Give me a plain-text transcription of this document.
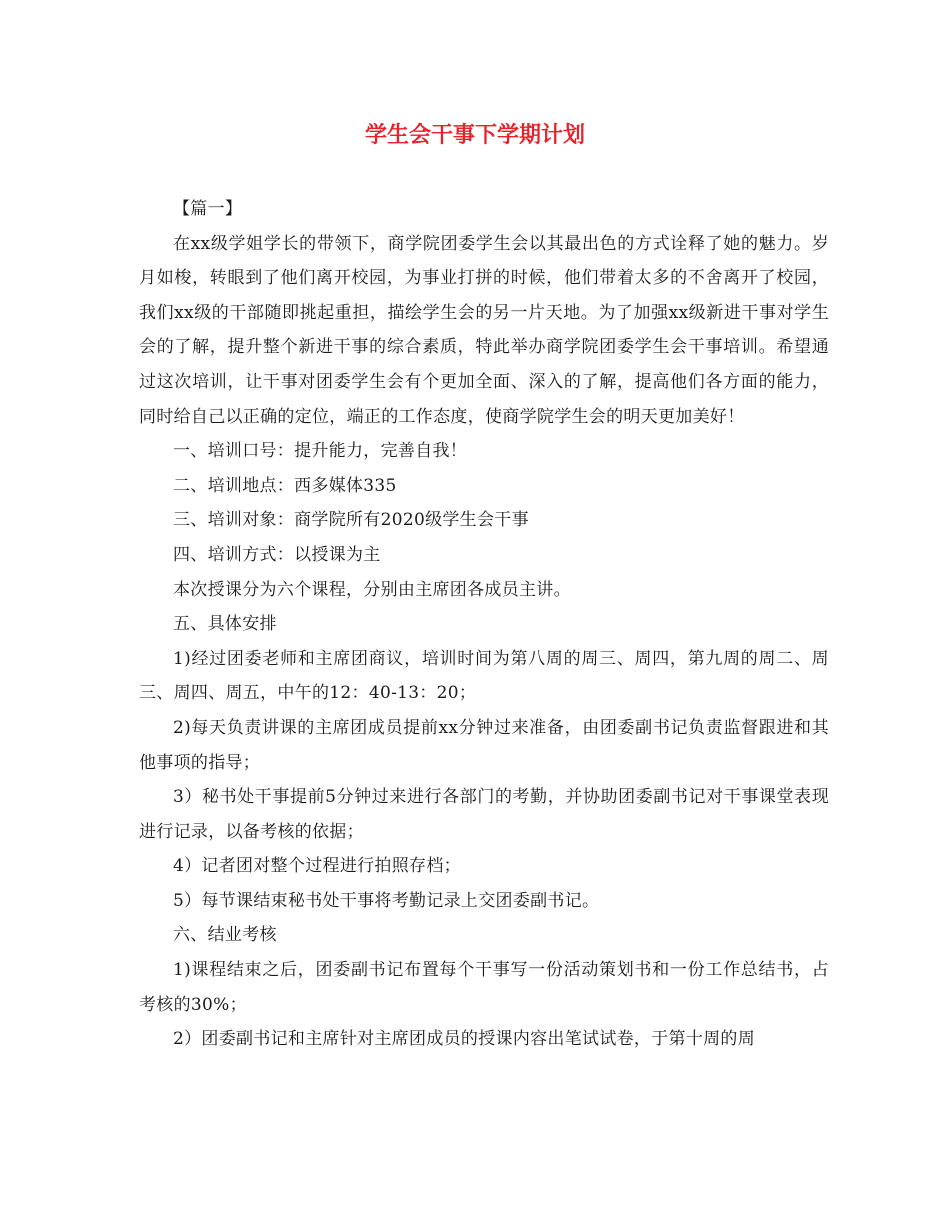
学生会干事下学期计划

【篇一】

在xx级学姐学长的带领下，商学院团委学生会以其最出色的方式诠释了她的魅力。岁月如梭，转眼到了他们离开校园，为事业打拼的时候，他们带着太多的不舍离开了校园，我们xx级的干部随即挑起重担，描绘学生会的另一片天地。为了加强xx级新进干事对学生会的了解，提升整个新进干事的综合素质，特此举办商学院团委学生会干事培训。希望通过这次培训，让干事对团委学生会有个更加全面、深入的了解，提高他们各方面的能力，同时给自己以正确的定位，端正的工作态度，使商学院学生会的明天更加美好！

一、培训口号：提升能力，完善自我！

二、培训地点：西多媒体335

三、培训对象：商学院所有2020级学生会干事

四、培训方式：以授课为主

本次授课分为六个课程，分别由主席团各成员主讲。

五、具体安排

1)经过团委老师和主席团商议，培训时间为第八周的周三、周四，第九周的周二、周三、周四、周五，中午的12：40-13：20；

2)每天负责讲课的主席团成员提前xx分钟过来准备，由团委副书记负责监督跟进和其他事项的指导；

3）秘书处干事提前5分钟过来进行各部门的考勤，并协助团委副书记对干事课堂表现进行记录，以备考核的依据；

4）记者团对整个过程进行拍照存档；

5）每节课结束秘书处干事将考勤记录上交团委副书记。

六、结业考核

1)课程结束之后，团委副书记布置每个干事写一份活动策划书和一份工作总结书，占考核的30%；

2）团委副书记和主席针对主席团成员的授课内容出笔试试卷，于第十周的周
